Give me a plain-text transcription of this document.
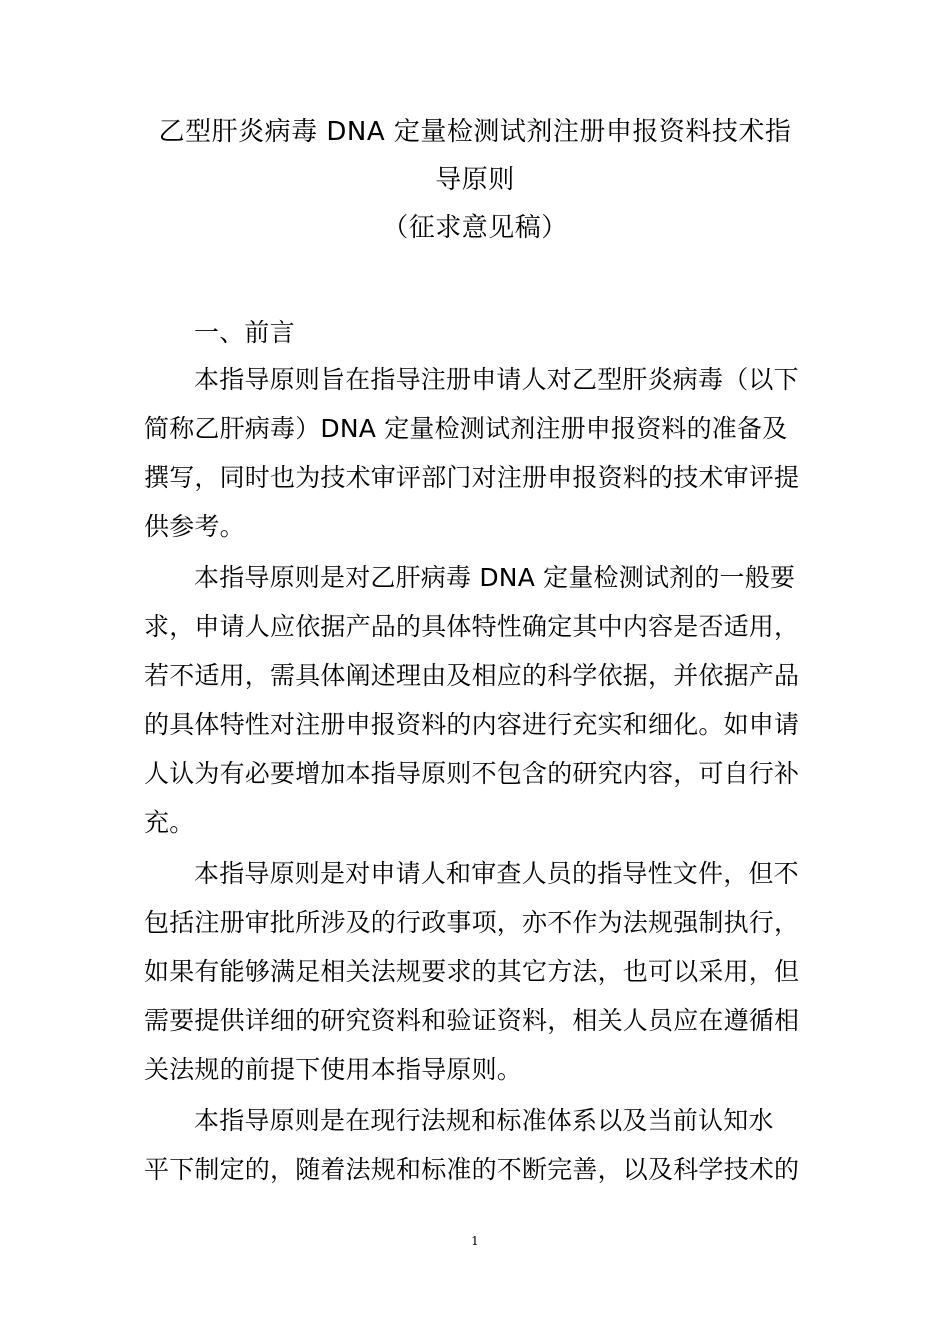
乙型肝炎病毒 DNA 定量检测试剂注册申报资料技术指
导原则
（征求意见稿）
一、前言
本指导原则旨在指导注册申请人对乙型肝炎病毒（以下
简称乙肝病毒）DNA 定量检测试剂注册申报资料的准备及
撰写，同时也为技术审评部门对注册申报资料的技术审评提
供参考。
本指导原则是对乙肝病毒 DNA 定量检测试剂的一般要
求，申请人应依据产品的具体特性确定其中内容是否适用，
若不适用，需具体阐述理由及相应的科学依据，并依据产品
的具体特性对注册申报资料的内容进行充实和细化。如申请
人认为有必要增加本指导原则不包含的研究内容，可自行补
充。
本指导原则是对申请人和审查人员的指导性文件，但不
包括注册审批所涉及的行政事项，亦不作为法规强制执行，
如果有能够满足相关法规要求的其它方法，也可以采用，但
需要提供详细的研究资料和验证资料，相关人员应在遵循相
关法规的前提下使用本指导原则。
本指导原则是在现行法规和标准体系以及当前认知水
平下制定的，随着法规和标准的不断完善，以及科学技术的
1
